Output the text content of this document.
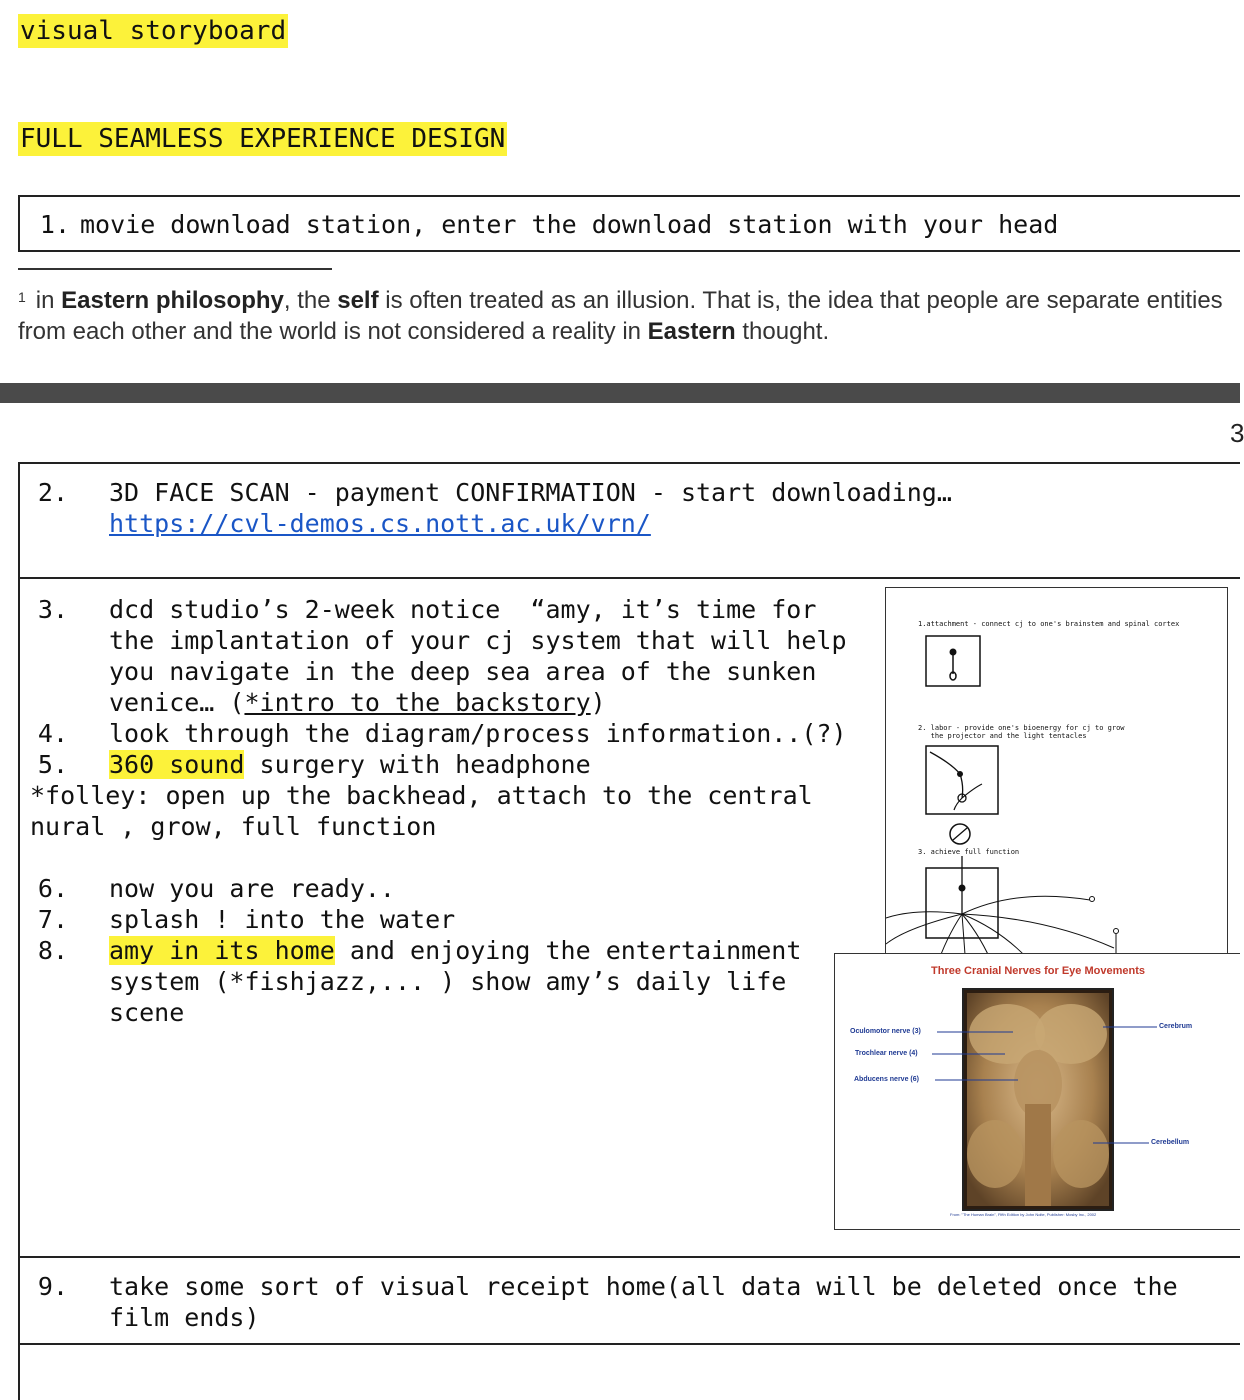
visual storyboard
FULL SEAMLESS EXPERIENCE DESIGN

1.

movie download station, enter the download station with your head

$^1$ in Eastern philosophy, the self is often treated as an illusion. That is, the idea that people are separate entities from each other and the world is not considered a reality in Eastern thought.
3

2.

3D FACE SCAN - payment CONFIRMATION - start downloading…

https://cvl-demos.cs.nott.ac.uk/vrn/

3.

dcd studio’s 2-week notice  “amy, it’s time for

the implantation of your cj system that will help

you navigate in the deep sea area of the sunken

venice… (*intro to the backstory)

4.

look through the diagram/process information..(?)

5.

360 sound surgery with headphone

*folley: open up the backhead, attach to the central

nural , grow, full function

6.

now you are ready..

7.

splash ! into the water

8.

amy in its home and enjoying the entertainment

system (*fishjazz,... ) show amy’s daily life

scene

9.

take some sort of visual receipt home(all data will be deleted once the

film ends)

1.attachment - connect cj to one's brainstem and spinal cortex
2. labor - provide one's bioenergy for cj to grow
the projector and the light tentacles
3. achieve full function
Three Cranial Nerves for Eye Movements
Oculomotor nerve (3)
Trochlear nerve (4)
Abducens nerve (6)
Cerebrum
Cerebellum
From: "The Human Brain", Fifth Edition by John Nolte, Publisher: Mosby Inc., 2002
